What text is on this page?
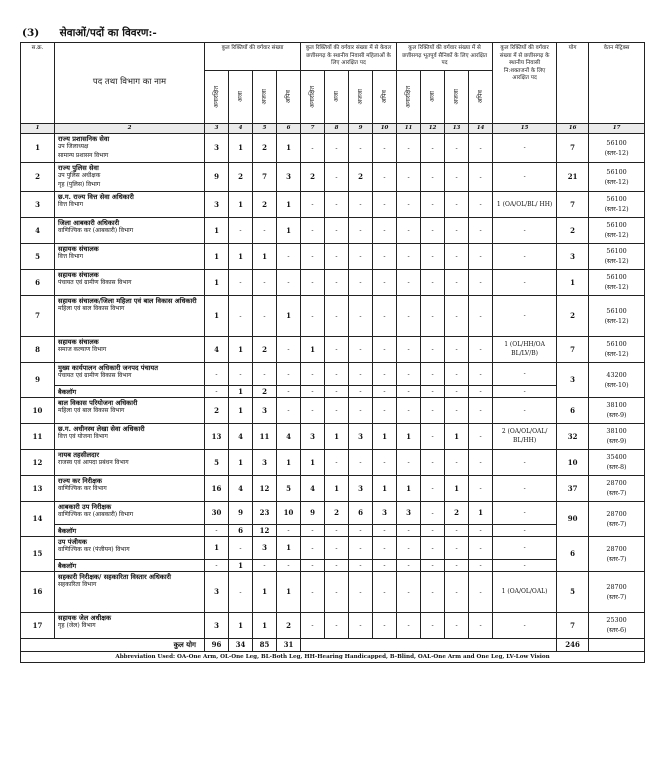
(3) सेवाओं/पदों का विवरण:-
स.क्र.	पद तथा विभाग का नाम	कुल रिक्तियों की वर्गवार संख्या				कुल रिक्तियों की वर्गवार संख्या में से केवल छत्तीसगढ़ के स्थानीय निवासी महिलाओं के लिए आरक्षित पद				कुल रिक्तियों की वर्गवार संख्या में से छत्तीसगढ़ भूतपूर्व सैनिकों के लिए आरक्षित पद				कुल रिक्तियों की वर्गवार संख्या में से छत्तीसगढ़ के स्थानीय निवासी नि:शक्तजनों के लिए आरक्षित पद	योग	वेतन मेट्रिक्स

		अनारक्षित	अजा	अजजा	अपिव	अनारक्षित	अजा	अजजा	अपिव	अनारक्षित	अजा	अजजा	अपिव			

1	2	3	4	5	6	7	8	9	10	11	12	13	14	15	16	17
1	राज्य प्रशासनिक सेवा
उप जिलाध्यक्ष
सामान्य प्रशासन विभाग	3	1	2	1	-	-	-	-	-	-	-	-	-	7	56100
(स्तर-12)

2	राज्य पुलिस सेवा
उप पुलिस अधीक्षक
गृह (पुलिस) विभाग	9	2	7	3	2	-	2	-	-	-	-	-	-	21	56100
(स्तर-12)

3	छ.ग. राज्य वित्त सेवा अधिकारी
वित्त विभाग	3	1	2	1	-	-	-	-	-	-	-	-	1 (OA/OL/BL/ HH)	7	56100
(स्तर-12)

4	जिला आबकारी अधिकारी
वाणिज्यिक कर (आबकारी) विभाग	1	-	-	1	-	-	-	-	-	-	-	-	-	2	56100
(स्तर-12)

5	सहायक संचालक
वित्त विभाग	1	1	1	-	-	-	-	-	-	-	-	-	-	3	56100
(स्तर-12)

6	सहायक संचालक
पंचायत एवं ग्रामीण विकास विभाग	1	-	-	-	-	-	-	-	-	-	-	-	-	1	56100
(स्तर-12)

7	सहायक संचालक/जिला महिला एवं बाल विकास अधिकारी
महिला एवं बाल विकास विभाग	1	-	-	1	-	-	-	-	-	-	-	-	-	2	56100
(स्तर-12)

8	सहायक संचालक
समाज कल्याण विभाग	4	1	2	-	1	-	-	-	-	-	-	-	1 (OL/HH/OA BL/LV/B)	7	56100
(स्तर-12)

9	मुख्य कार्यपालन अधिकारी जनपद पंचायत
पंचायत एवं ग्रामीण विकास विभाग	-	-	-	-	-	-	-	-	-	-	-	-	-	3	43200
(स्तर-10)

	बैकलॉग	-	1	2	-	-	-	-	-	-	-	-	-	-		
10	बाल विकास परियोजना अधिकारी
महिला एवं बाल विकास विभाग	2	1	3	-	-	-	-	-	-	-	-	-	-	6	38100
(स्तर-9)

11	छ.ग. अधीनस्थ लेखा सेवा अधिकारी
वित्त एवं योजना विभाग	13	4	11	4	3	1	3	1	1	-	1	-	2 (OA/OL/OAL/ BL/HH)	32	38100
(स्तर-9)

12	नायब तहसीलदार
राजस्व एवं आपदा प्रबंधन विभाग	5	1	3	1	1	-	-	-	-	-	-	-	-	10	35400
(स्तर-8)

13	राज्य कर निरीक्षक
वाणिज्यिक कर विभाग	16	4	12	5	4	1	3	1	1	-	1	-	-	37	28700
(स्तर-7)

14	आबकारी उप निरीक्षक
वाणिज्यिक कर (आबकारी) विभाग	30	9	23	10	9	2	6	3	3	-	2	1	-	90	28700
(स्तर-7)

	बैकलॉग	-	6	12	-	-	-	-	-	-	-	-	-	-		
15	उप पंजीयक
वाणिज्यिक कर (पंजीयन) विभाग	1	-	3	1	-	-	-	-	-	-	-	-	-	6	28700
(स्तर-7)

	बैकलॉग	-	1	-	-	-	-	-	-	-	-	-	-	-		
16	सहकारी निरीक्षक/ सहकारिता विस्तार अधिकारी
सहकारिता विभाग	3	-	1	1	-	-	-	-	-	-	-	-	1 (OA/OL/OAL)	5	28700
(स्तर-7)

17	सहायक जेल अधीक्षक
गृह (जेल) विभाग	3	1	1	2	-	-	-	-	-	-	-	-	-	7	25300
(स्तर-6)

कुल योग		96	34	85	31										246	
Abbreviation Used: OA-One Arm, OL-One Leg, BL-Both Leg, HH-Hearing Handicapped, B-Blind, OAL-One Arm and One Leg, LV-Low Vision																
